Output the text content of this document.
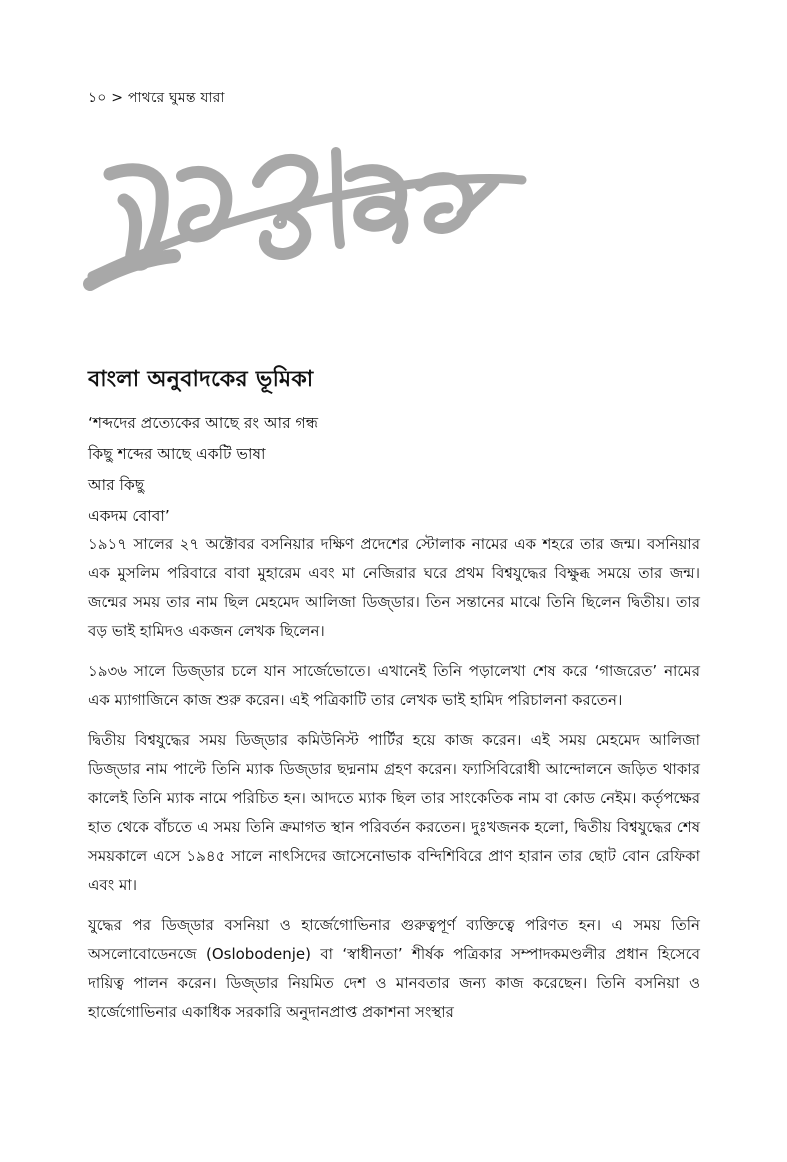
১০ > পাথরে ঘুমন্ত যারা
বাংলা অনুবাদকের ভূমিকা
‘শব্দদের প্রত্যেকের আছে রং আর গন্ধ
কিছু শব্দের আছে একটি ভাষা
আর কিছু
একদম বোবা’

১৯১৭ সালের ২৭ অক্টোবর বসনিয়ার দক্ষিণ প্রদেশের স্টোলাক নামের এক শহরে তার জন্ম। বসনিয়ার এক মুসলিম পরিবারে বাবা মুহারেম এবং মা নেজিরার ঘরে প্রথম বিশ্বযুদ্ধের বিক্ষুব্ধ সময়ে তার জন্ম। জন্মের সময় তার নাম ছিল মেহমেদ আলিজা ডিজ্ডার। তিন সন্তানের মাঝে তিনি ছিলেন দ্বিতীয়। তার বড় ভাই হামিদও একজন লেখক ছিলেন।

১৯৩৬ সালে ডিজ্ডার চলে যান সার্জেভোতে। এখানেই তিনি পড়ালেখা শেষ করে ‘গাজরেত’ নামের এক ম্যাগাজিনে কাজ শুরু করেন। এই পত্রিকাটি তার লেখক ভাই হামিদ পরিচালনা করতেন।

দ্বিতীয় বিশ্বযুদ্ধের সময় ডিজ্ডার কমিউনিস্ট পার্টির হয়ে কাজ করেন। এই সময় মেহমেদ আলিজা ডিজ্ডার নাম পাল্টে তিনি ম্যাক ডিজ্ডার ছদ্মনাম গ্রহণ করেন। ফ্যাসিবিরোধী আন্দোলনে জড়িত থাকার কালেই তিনি ম্যাক নামে পরিচিত হন। আদতে ম্যাক ছিল তার সাংকেতিক নাম বা কোড নেইম। কর্তৃপক্ষের হাত থেকে বাঁচতে এ সময় তিনি ক্রমাগত স্থান পরিবর্তন করতেন। দুঃখজনক হলো, দ্বিতীয় বিশ্বযুদ্ধের শেষ সময়কালে এসে ১৯৪৫ সালে নাৎসিদের জাসেনোভাক বন্দিশিবিরে প্রাণ হারান তার ছোট বোন রেফিকা এবং মা।

যুদ্ধের পর ডিজ্ডার বসনিয়া ও হার্জেগোভিনার গুরুত্বপূর্ণ ব্যক্তিত্বে পরিণত হন। এ সময় তিনি অসলোবোডেনজে (Oslobodenje) বা ‘স্বাধীনতা’ শীর্ষক পত্রিকার সম্পাদকমণ্ডলীর প্রধান হিসেবে দায়িত্ব পালন করেন। ডিজ্ডার নিয়মিত দেশ ও মানবতার জন্য কাজ করেছেন। তিনি বসনিয়া ও হার্জেগোভিনার একাধিক সরকারি অনুদানপ্রাপ্ত প্রকাশনা সংস্থার
